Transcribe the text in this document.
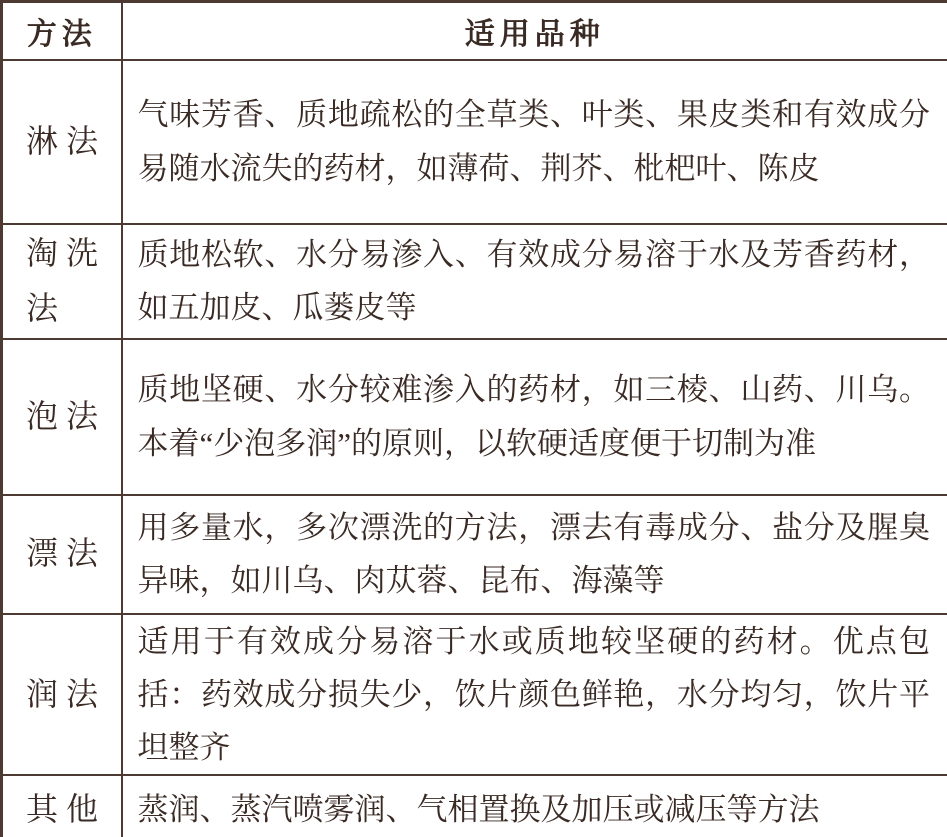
方法	适用品种
淋法	气味芳香、质地疏松的全草类、叶类、果皮类和有效成分易随水流失的药材，如薄荷、荆芥、枇杷叶、陈皮
淘洗法	质地松软、水分易渗入、有效成分易溶于水及芳香药材，如五加皮、瓜蒌皮等
泡法	质地坚硬、水分较难渗入的药材，如三棱、山药、川乌。本着“少泡多润”的原则，以软硬适度便于切制为准
漂法	用多量水，多次漂洗的方法，漂去有毒成分、盐分及腥臭异味，如川乌、肉苁蓉、昆布、海藻等
润法	适用于有效成分易溶于水或质地较坚硬的药材。优点包括：药效成分损失少，饮片颜色鲜艳，水分均匀，饮片平坦整齐
其他	蒸润、蒸汽喷雾润、气相置换及加压或减压等方法
